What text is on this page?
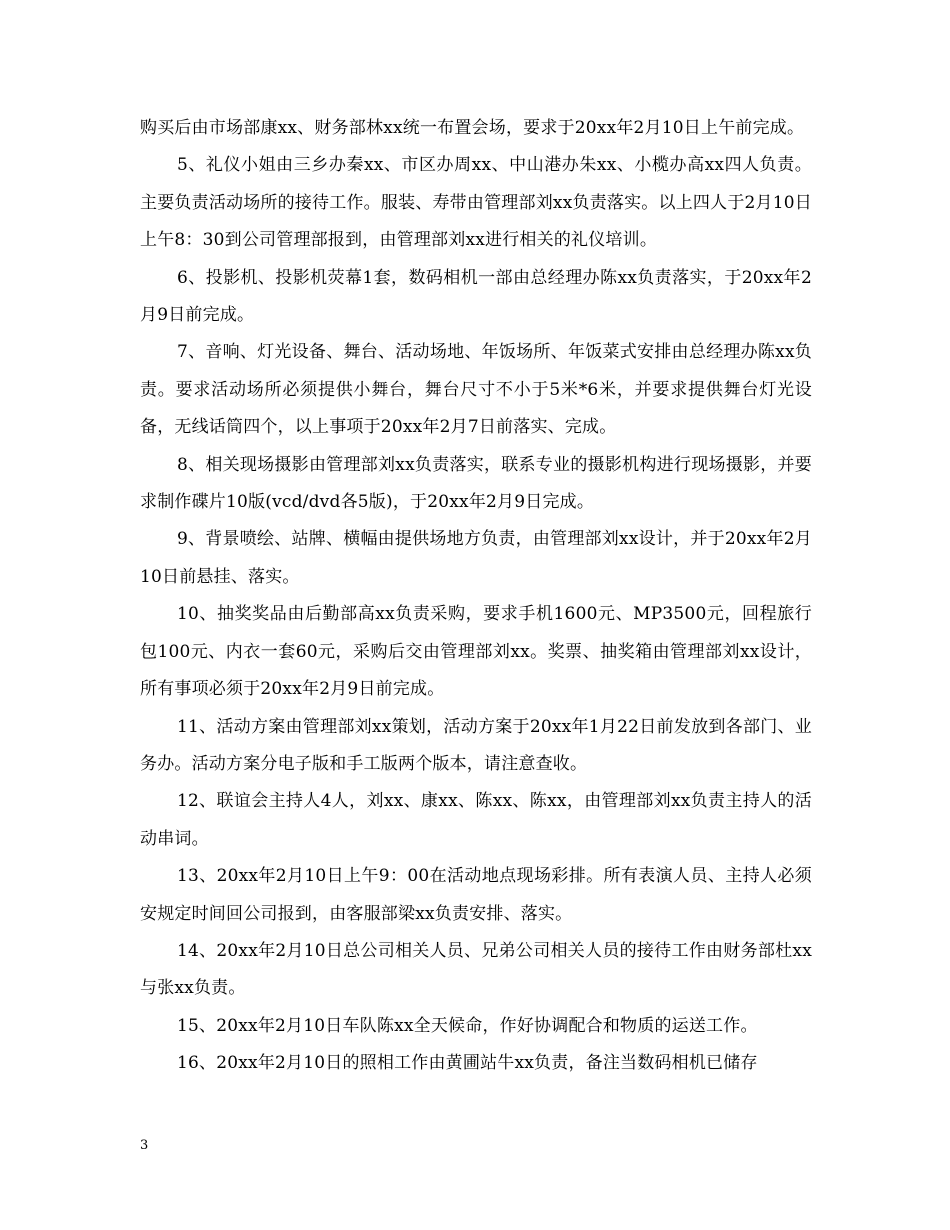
购买后由市场部康xx、财务部林xx统一布置会场，要求于20xx年2月10日上午前完成。

5、礼仪小姐由三乡办秦xx、市区办周xx、中山港办朱xx、小榄办高xx四人负责。主要负责活动场所的接待工作。服装、寿带由管理部刘xx负责落实。以上四人于2月10日上午8：30到公司管理部报到，由管理部刘xx进行相关的礼仪培训。

6、投影机、投影机荧幕1套，数码相机一部由总经理办陈xx负责落实，于20xx年2月9日前完成。

7、音响、灯光设备、舞台、活动场地、年饭场所、年饭菜式安排由总经理办陈xx负责。要求活动场所必须提供小舞台，舞台尺寸不小于5米*6米，并要求提供舞台灯光设备，无线话筒四个，以上事项于20xx年2月7日前落实、完成。

8、相关现场摄影由管理部刘xx负责落实，联系专业的摄影机构进行现场摄影，并要求制作碟片10版(vcd/dvd各5版)，于20xx年2月9日完成。

9、背景喷绘、站牌、横幅由提供场地方负责，由管理部刘xx设计，并于20xx年2月10日前悬挂、落实。

10、抽奖奖品由后勤部高xx负责采购，要求手机1600元、MP3500元，回程旅行包100元、内衣一套60元，采购后交由管理部刘xx。奖票、抽奖箱由管理部刘xx设计，所有事项必须于20xx年2月9日前完成。

11、活动方案由管理部刘xx策划，活动方案于20xx年1月22日前发放到各部门、业务办。活动方案分电子版和手工版两个版本，请注意查收。

12、联谊会主持人4人，刘xx、康xx、陈xx、陈xx，由管理部刘xx负责主持人的活动串词。

13、20xx年2月10日上午9：00在活动地点现场彩排。所有表演人员、主持人必须安规定时间回公司报到，由客服部梁xx负责安排、落实。

14、20xx年2月10日总公司相关人员、兄弟公司相关人员的接待工作由财务部杜xx与张xx负责。

15、20xx年2月10日车队陈xx全天候命，作好协调配合和物质的运送工作。

16、20xx年2月10日的照相工作由黄圃站牛xx负责，备注当数码相机已储存

3
